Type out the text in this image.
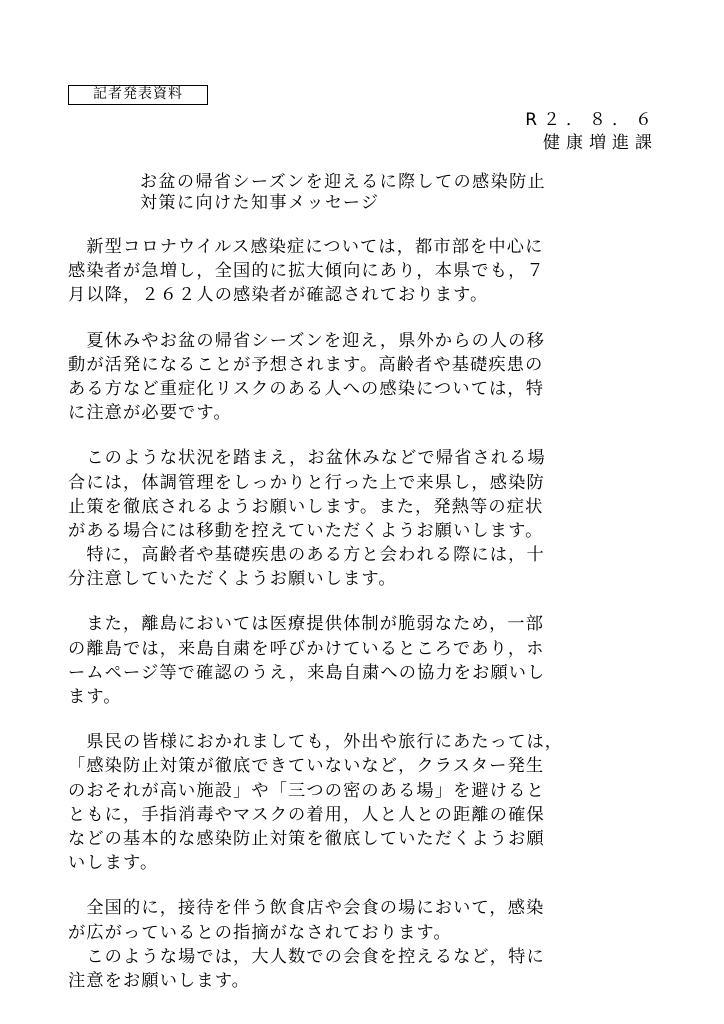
記者発表資料
R２．８．６
健康増進課
お盆の帰省シーズンを迎えるに際しての感染防止
対策に向けた知事メッセージ
　新型コロナウイルス感染症については，都市部を中心に
感染者が急増し，全国的に拡大傾向にあり，本県でも，７
月以降，２６２人の感染者が確認されております。
　夏休みやお盆の帰省シーズンを迎え，県外からの人の移
動が活発になることが予想されます。高齢者や基礎疾患の
ある方など重症化リスクのある人への感染については，特
に注意が必要です。
　このような状況を踏まえ，お盆休みなどで帰省される場
合には，体調管理をしっかりと行った上で来県し，感染防
止策を徹底されるようお願いします。また，発熱等の症状
がある場合には移動を控えていただくようお願いします。
　特に，高齢者や基礎疾患のある方と会われる際には，十
分注意していただくようお願いします。
　また，離島においては医療提供体制が脆弱なため，一部
の離島では，来島自粛を呼びかけているところであり，ホ
ームページ等で確認のうえ，来島自粛への協力をお願いし
ます。
　県民の皆様におかれましても，外出や旅行にあたっては，
「感染防止対策が徹底できていないなど，クラスター発生
のおそれが高い施設」や「三つの密のある場」を避けると
ともに，手指消毒やマスクの着用，人と人との距離の確保
などの基本的な感染防止対策を徹底していただくようお願
いします。
　全国的に，接待を伴う飲食店や会食の場において，感染
が広がっているとの指摘がなされております。
　このような場では，大人数での会食を控えるなど，特に
注意をお願いします。
